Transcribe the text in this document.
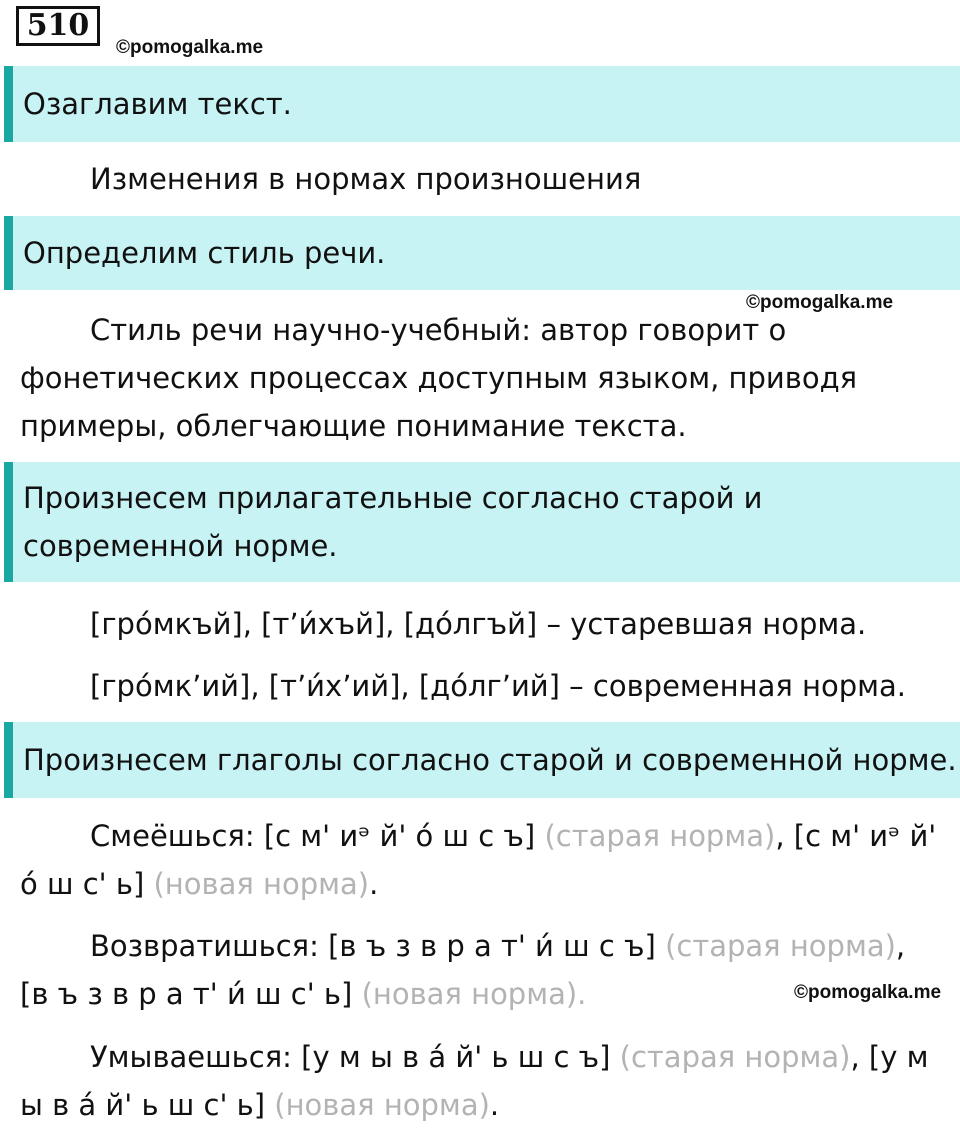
510
©pomogalka.me
Озаглавим текст.
Изменения в нормах произношения
Определим стиль речи.
©pomogalka.me
Стиль речи научно-учебный: автор говорит о фонетических процессах доступным языком, приводя примеры, облегчающие понимание текста.
Произнесем прилагательные согласно старой и современной норме.
[гро́мкъй], [т’и́хъй], [до́лгъй] – устаревшая норма.
[гро́мк’ий], [т’и́х’ий], [до́лг’ий] – современная норма.
Произнесем глаголы согласно старой и современной норме.
Смеёшься: [с м' иᵊ й' о́ ш с ъ] (старая норма), [с м' иᵊ й' о́ ш с' ь] (новая норма).
Возвратишься: [в ъ з в р а т' и́ ш с ъ] (старая норма), [в ъ з в р а т' и́ ш с' ь] (новая норма).	©pomogalka.me
Умываешься: [у м ы в а́ й' ь ш с ъ] (старая норма), [у м ы в а́ й' ь ш с' ь] (новая норма).
